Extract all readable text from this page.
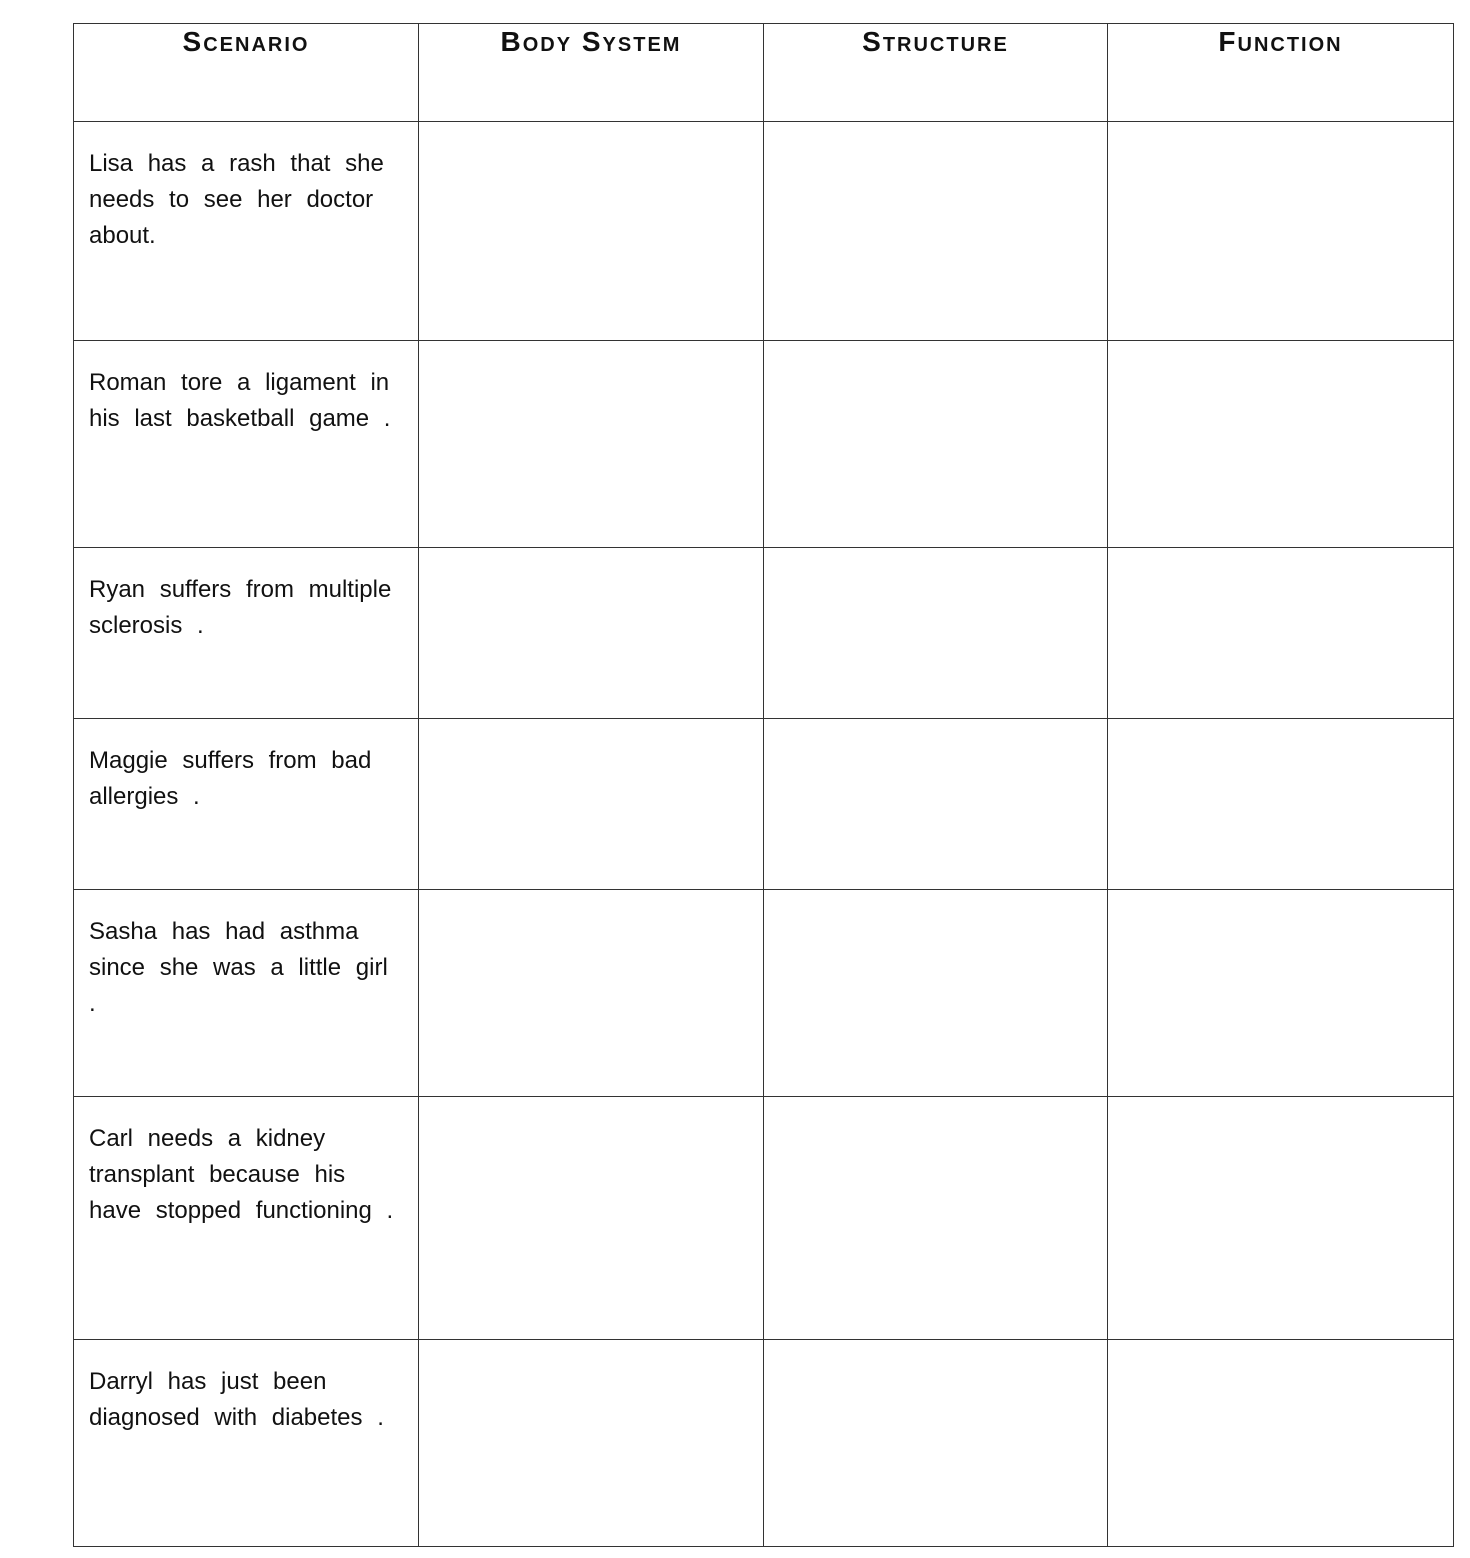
Scenario	Body System	Structure	Function

Lisa has a rash that she needs to see her doctor about.			

Roman tore a ligament in his last basketball game .			

Ryan suffers from multiple sclerosis .			

Maggie suffers from bad allergies .			

Sasha has had asthma since she was a little girl .			

Carl needs a kidney transplant because his have stopped functioning .			

Darryl has just been diagnosed with diabetes .			
